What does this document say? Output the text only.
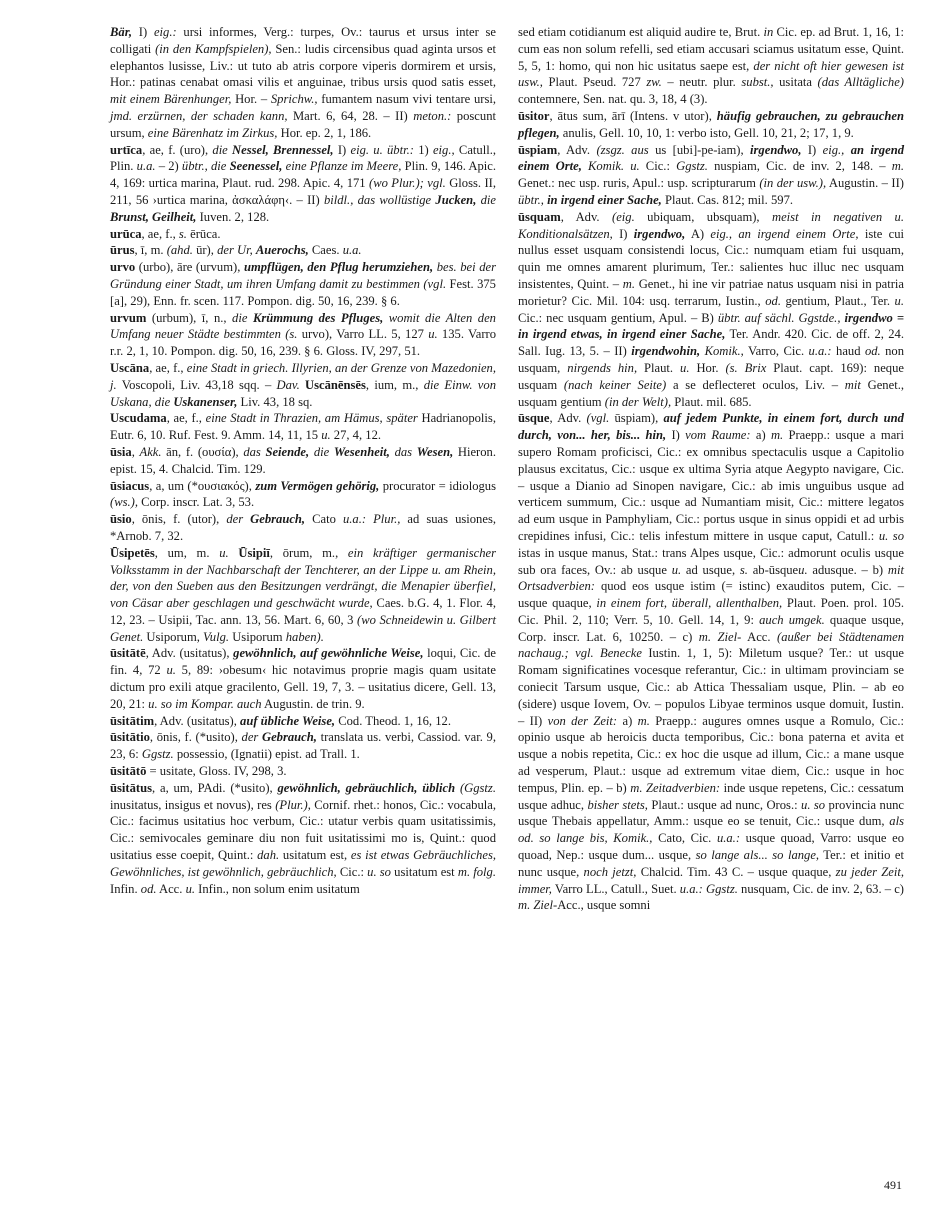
Bär, I) eig.: ursi informes, Verg.: turpes, Ov.: taurus et ursus inter se colligati (in den Kampfspielen), Sen.: ludis circensibus quad aginta ursos et elephantos lusisse, Liv.: ut tuto ab atris corpore viperis dormirem et ursis, Hor.: patinas cenabat omasi vilis et anguinae, tribus ursis quod satis esset, mit einem Bärenhunger, Hor. – Sprichw., fumantem nasum vivi tentare ursi, jmd. erzürnen, der schaden kann, Mart. 6, 64, 28. – II) meton.: poscunt ursum, eine Bärenhatz im Zirkus, Hor. ep. 2, 1, 186.

urtīca, ae, f. (uro), die Nessel, Brennessel, I) eig. u. übtr.: 1) eig., Catull., Plin. u.a. – 2) übtr., die Seenessel, eine Pflanze im Meere, Plin. 9, 146. Apic. 4, 169: urtica marina, Plaut. rud. 298. Apic. 4, 171 (wo Plur.); vgl. Gloss. II, 211, 56 ›urtica marina, ἀσκαλάφη‹. – II) bildl., das wollüstige Jucken, die Brunst, Geilheit, Iuven. 2, 128.

urūca, ae, f., s. ērūca.

ūrus, ī, m. (ahd. ūr), der Ur, Auerochs, Caes. u.a.

urvo (urbo), āre (urvum), umpflügen, den Pflug herumziehen, bes. bei der Gründung einer Stadt, um ihren Umfang damit zu bestimmen (vgl. Fest. 375 [a], 29), Enn. fr. scen. 117. Pompon. dig. 50, 16, 239. § 6.

urvum (urbum), ī, n., die Krümmung des Pfluges, womit die Alten den Umfang neuer Städte bestimmten (s. urvo), Varro LL. 5, 127 u. 135. Varro r.r. 2, 1, 10. Pompon. dig. 50, 16, 239. § 6. Gloss. IV, 297, 51.

Uscāna, ae, f., eine Stadt in griech. Illyrien, an der Grenze von Mazedonien, j. Voscopoli, Liv. 43,18 sqq. – Dav. Uscānēnsēs, ium, m., die Einw. von Uskana, die Uskanenser, Liv. 43, 18 sq.

Uscudama, ae, f., eine Stadt in Thrazien, am Hämus, später Hadrianopolis, Eutr. 6, 10. Ruf. Fest. 9. Amm. 14, 11, 15 u. 27, 4, 12.

ūsia, Akk. ān, f. (ουσία), das Seiende, die Wesenheit, das Wesen, Hieron. epist. 15, 4. Chalcid. Tim. 129.

ūsiacus, a, um (*ουσιακός), zum Vermögen gehörig, procurator = idiologus (ws.), Corp. inscr. Lat. 3, 53.

ūsio, ōnis, f. (utor), der Gebrauch, Cato u.a.: Plur., ad suas usiones, *Arnob. 7, 32.

Ūsipetēs, um, m. u. Ūsipiī, ōrum, m., ein kräftiger germanischer Volksstamm in der Nachbarschaft der Tenchterer, an der Lippe u. am Rhein, der, von den Sueben aus den Besitzungen verdrängt, die Menapier überfiel, von Cäsar aber geschlagen und geschwächt wurde, Caes. b.G. 4, 1. Flor. 4, 12, 23. – Usipii, Tac. ann. 13, 56. Mart. 6, 60, 3 (wo Schneidewin u. Gilbert Genet. Usiporum, Vulg. Usiporum haben).

ūsitātē, Adv. (usitatus), gewöhnlich, auf gewöhnliche Weise, loqui, Cic. de fin. 4, 72 u. 5, 89: ›obesum‹ hic notavimus proprie magis quam usitate dictum pro exili atque gracilento, Gell. 19, 7, 3. – usitatius dicere, Gell. 13, 20, 21: u. so im Kompar. auch Augustin. de trin. 9.

ūsitātim, Adv. (usitatus), auf übliche Weise, Cod. Theod. 1, 16, 12.

ūsitātio, ōnis, f. (*usito), der Gebrauch, translata us. verbi, Cassiod. var. 9, 23, 6: Ggstz. possessio, (Ignatii) epist. ad Trall. 1.

ūsitātō = usitate, Gloss. IV, 298, 3.

ūsitātus, a, um, PAdi. (*usito), gewöhnlich, gebräuchlich, üblich (Ggstz. inusitatus, insigus et novus), res (Plur.), Cornif. rhet.: honos, Cic.: vocabula, Cic.: facimus usitatius hoc verbum, Cic.: utatur verbis quam usitatissimis, Cic.: semivocales geminare diu non fuit usitatissimi mo is, Quint.: quod usitatius esse coepit, Quint.: dah. usitatum est, es ist etwas Gebräuchliches, Gewöhnliches, ist gewöhnlich, gebräuchlich, Cic.: u. so usitatum est m. folg. Infin. od. Acc. u. Infin., non solum enim usitatum

sed etiam cotidianum est aliquid audire te, Brut. in Cic. ep. ad Brut. 1, 16, 1: cum eas non solum refelli, sed etiam accusari sciamus usitatum esse, Quint. 5, 5, 1: homo, qui non hic usitatus saepe est, der nicht oft hier gewesen ist usw., Plaut. Pseud. 727 zw. – neutr. plur. subst., usitata (das Alltägliche) contemnere, Sen. nat. qu. 3, 18, 4 (3).

ūsitor, ātus sum, ārī (Intens. v utor), häufig gebrauchen, zu gebrauchen pflegen, anulis, Gell. 10, 10, 1: verbo isto, Gell. 10, 21, 2; 17, 1, 9.

ūspiam, Adv. (zsgz. aus us [ubi]-pe-iam), irgendwo, I) eig., an irgend einem Orte, Komik. u. Cic.: Ggstz. nuspiam, Cic. de inv. 2, 148. – m. Genet.: nec usp. ruris, Apul.: usp. scripturarum (in der usw.), Augustin. – II) übtr., in irgend einer Sache, Plaut. Cas. 812; mil. 597.

ūsquam, Adv. (eig. ubiquam, ubsquam), meist in negativen u. Konditionalsätzen, I) irgendwo, A) eig., an irgend einem Orte, iste cui nullus esset usquam consistendi locus, Cic.: numquam etiam fui usquam, quin me omnes amarent plurimum, Ter.: salientes huc illuc nec usquam insistentes, Quint. – m. Genet., hi ine vir patriae natus usquam nisi in patria morietur? Cic. Mil. 104: usq. terrarum, Iustin., od. gentium, Plaut., Ter. u. Cic.: nec usquam gentium, Apul. – B) übtr. auf sächl. Ggstde., irgendwo = in irgend etwas, in irgend einer Sache, Ter. Andr. 420. Cic. de off. 2, 24. Sall. Iug. 13, 5. – II) irgendwohin, Komik., Varro, Cic. u.a.: haud od. non usquam, nirgends hin, Plaut. u. Hor. (s. Brix Plaut. capt. 169): neque usquam (nach keiner Seite) a se deflecteret oculos, Liv. – mit Genet., usquam gentium (in der Welt), Plaut. mil. 685.

ūsque, Adv. (vgl. ūspiam), auf jedem Punkte, in einem fort, durch und durch, von... her, bis... hin, I) vom Raume: a) m. Praepp.: usque a mari supero Romam proficisci, Cic.: ex omnibus spectaculis usque a Capitolio plausus excitatus, Cic.: usque ex ultima Syria atque Aegypto navigare, Cic. – usque a Dianio ad Sinopen navigare, Cic.: ab imis unguibus usque ad verticem summum, Cic.: usque ad Numantiam misit, Cic.: mittere legatos ad eum usque in Pamphyliam, Cic.: portus usque in sinus oppidi et ad urbis crepidines infusi, Cic.: telis infestum mittere in usque caput, Catull.: u. so istas in usque manus, Stat.: trans Alpes usque, Cic.: admorunt oculis usque sub ora faces, Ov.: ab usque u. ad usque, s. ab-ūsqueu. adusque. – b) mit Ortsadverbien: quod eos usque istim (= istinc) exauditos putem, Cic. – usque quaque, in einem fort, überall, allenthalben, Plaut. Poen. prol. 105. Cic. Phil. 2, 110; Verr. 5, 10. Gell. 14, 1, 9: auch umgek. quaque usque, Corp. inscr. Lat. 6, 10250. – c) m. Ziel- Acc. (außer bei Städtenamen nachaug.; vgl. Benecke Iustin. 1, 1, 5): Miletum usque? Ter.: ut usque Romam significatines vocesque referantur, Cic.: in ultimam provinciam se coniecit Tarsum usque, Cic.: ab Attica Thessaliam usque, Plin. – ab eo (sidere) usque Iovem, Ov. – populos Libyae terminos usque domuit, Iustin. – II) von der Zeit: a) m. Praepp.: augures omnes usque a Romulo, Cic.: opinio usque ab heroicis ducta temporibus, Cic.: bona paterna et avita et usque a nobis repetita, Cic.: ex hoc die usque ad illum, Cic.: a mane usque ad vesperum, Plaut.: usque ad extremum vitae diem, Cic.: usque in hoc tempus, Plin. ep. – b) m. Zeitadverbien: inde usque repetens, Cic.: cessatum usque adhuc, bisher stets, Plaut.: usque ad nunc, Oros.: u. so provincia nunc usque Thebais appellatur, Amm.: usque eo se tenuit, Cic.: usque dum, als od. so lange bis, Komik., Cato, Cic. u.a.: usque quoad, Varro: usque eo quoad, Nep.: usque dum... usque, so lange als... so lange, Ter.: et initio et nunc usque, noch jetzt, Chalcid. Tim. 43 C. – usque quaque, zu jeder Zeit, immer, Varro LL., Catull., Suet. u.a.: Ggstz. nusquam, Cic. de inv. 2, 63. – c) m. Ziel-Acc., usque somni

491
